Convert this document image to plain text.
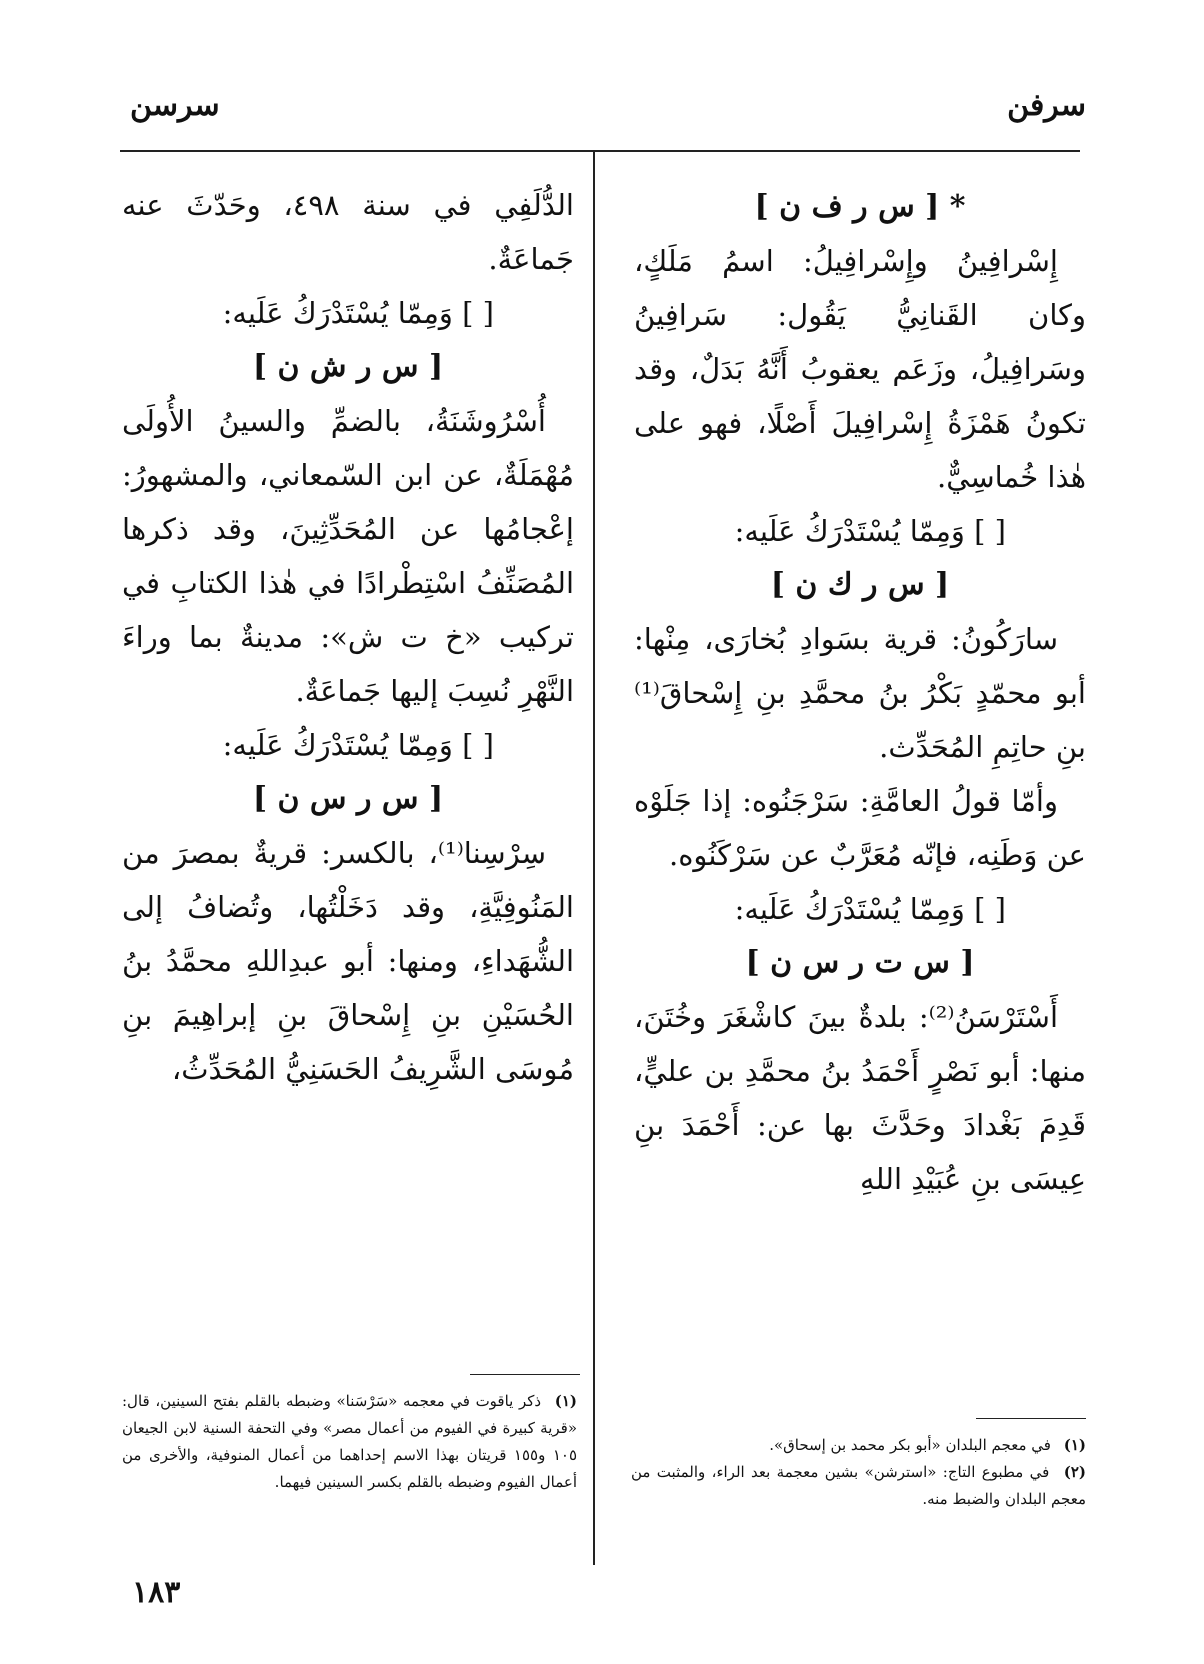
سرفن
سرسن

* [ س ر ف ن ]

إِسْرافِينُ وإِسْرافِيلُ: اسمُ مَلَكٍ، وكان القَنانِيُّ يَقُول: سَرافِينُ وسَرافِيلُ، وزَعَم يعقوبُ أَنَّهُ بَدَلٌ، وقد تكونُ هَمْزَةُ إِسْرافِيلَ أَصْلًا، فهو على هٰذا خُماسِيٌّ.

[ ] وَمِمّا يُسْتَدْرَكُ عَلَيه:

[ س ر ك ن ]

سارَكُونُ: قرية بسَوادِ بُخارَى، مِنْها: أبو محمّدٍ بَكْرُ بنُ محمَّدِ بنِ إِسْحاقَ⁽¹⁾ بنِ حاتِمِ المُحَدِّث.

وأمّا قولُ العامَّةِ: سَرْجَنُوه: إذا جَلَوْه عن وَطَنِه، فإنّه مُعَرَّبٌ عن سَرْكَنُوه.

[ ] وَمِمّا يُسْتَدْرَكُ عَلَيه:

[ س ت ر س ن ]

أَسْتَرْسَنُ⁽²⁾: بلدةٌ بينَ كاشْغَرَ وخُتَنَ، منها: أبو نَصْرٍ أَحْمَدُ بنُ محمَّدِ بن عليٍّ، قَدِمَ بَغْدادَ وحَدَّثَ بها عن: أَحْمَدَ بنِ عِيسَى بنِ عُبَيْدِ اللهِ

الدُّلَفِي في سنة ٤٩٨، وحَدّثَ عنه جَماعَةٌ.

[ ] وَمِمّا يُسْتَدْرَكُ عَلَيه:

[ س ر ش ن ]

أُسْرُوشَنَةُ، بالضمِّ والسينُ الأُولَى مُهْمَلَةٌ، عن ابن السّمعاني، والمشهورُ: إعْجامُها عن المُحَدِّثِينَ، وقد ذكرها المُصَنِّفُ اسْتِطْرادًا في هٰذا الكتابِ في تركيب «خ ت ش»: مدينةٌ بما وراءَ النَّهْرِ نُسِبَ إليها جَماعَةٌ.

[ ] وَمِمّا يُسْتَدْرَكُ عَلَيه:

[ س ر س ن ]

سِرْسِنا⁽¹⁾، بالكسر: قريةٌ بمصرَ من المَنُوفِيَّةِ، وقد دَخَلْتُها، وتُضافُ إلى الشُّهَداءِ، ومنها: أبو عبدِاللهِ محمَّدُ بنُ الحُسَيْنِ بنِ إِسْحاقَ بنِ إبراهِيمَ بنِ مُوسَى الشَّرِيفُ الحَسَنِيُّ المُحَدِّثُ،

(١) في معجم البلدان «أبو بكر محمد بن إسحاق».

(٢) في مطبوع التاج: «استرشن» بشين معجمة بعد الراء، والمثبت من معجم البلدان والضبط منه.

(١) ذكر ياقوت في معجمه «سَرْسَنا» وضبطه بالقلم بفتح السينين، قال: «قرية كبيرة في الفيوم من أعمال مصر» وفي التحفة السنية لابن الجيعان ١٠٥ و١٥٥ قريتان بهذا الاسم إحداهما من أعمال المنوفية، والأخرى من أعمال الفيوم وضبطه بالقلم بكسر السينين فيهما.

١٨٣
